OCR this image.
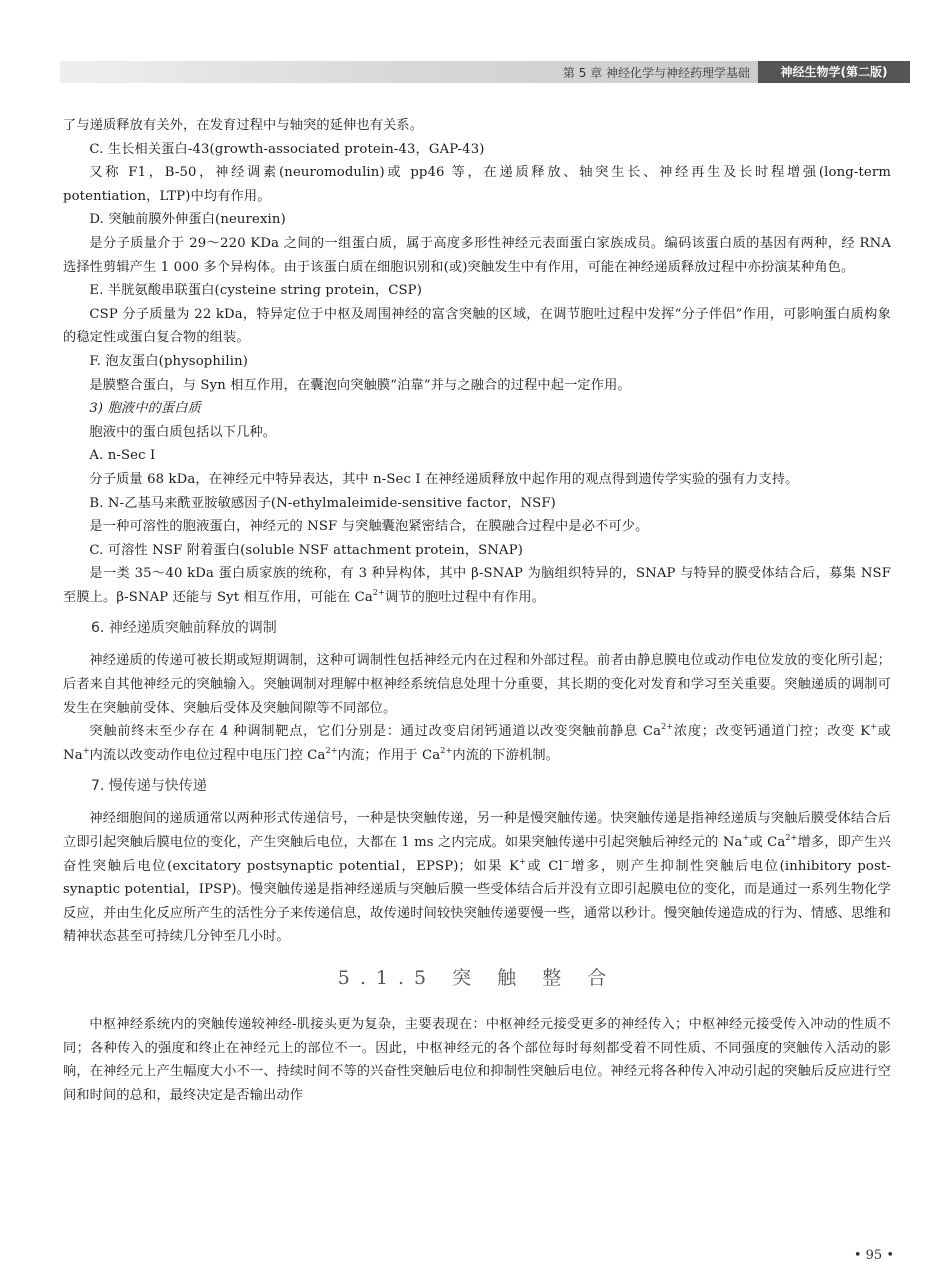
第 5 章 神经化学与神经药理学基础	神经生物学(第二版)

了与递质释放有关外，在发育过程中与轴突的延伸也有关系。

C. 生长相关蛋白-43(growth-associated protein-43，GAP-43)

又称 F1，B-50，神经调素(neuromodulin)或 pp46 等，在递质释放、轴突生长、神经再生及长时程增强(long-term potentiation，LTP)中均有作用。

D. 突触前膜外伸蛋白(neurexin)

是分子质量介于 29～220 KDa 之间的一组蛋白质，属于高度多形性神经元表面蛋白家族成员。编码该蛋白质的基因有两种，经 RNA 选择性剪辑产生 1 000 多个异构体。由于该蛋白质在细胞识别和(或)突触发生中有作用，可能在神经递质释放过程中亦扮演某种角色。

E. 半胱氨酸串联蛋白(cysteine string protein，CSP)

CSP 分子质量为 22 kDa，特异定位于中枢及周围神经的富含突触的区域，在调节胞吐过程中发挥“分子伴侣”作用，可影响蛋白质构象的稳定性或蛋白复合物的组装。

F. 泡友蛋白(physophilin)

是膜整合蛋白，与 Syn 相互作用，在囊泡向突触膜“泊靠”并与之融合的过程中起一定作用。

3) 胞液中的蛋白质

胞液中的蛋白质包括以下几种。

A. n-Sec I

分子质量 68 kDa，在神经元中特异表达，其中 n-Sec I 在神经递质释放中起作用的观点得到遗传学实验的强有力支持。

B. N-乙基马来酰亚胺敏感因子(N-ethylmaleimide-sensitive factor，NSF)

是一种可溶性的胞液蛋白，神经元的 NSF 与突触囊泡紧密结合，在膜融合过程中是必不可少。

C. 可溶性 NSF 附着蛋白(soluble NSF attachment protein，SNAP)

是一类 35～40 kDa 蛋白质家族的统称，有 3 种异构体，其中 β-SNAP 为脑组织特异的，SNAP 与特异的膜受体结合后，募集 NSF 至膜上。β-SNAP 还能与 Syt 相互作用，可能在 $Ca^{2+}$调节的胞吐过程中有作用。

6. 神经递质突触前释放的调制

神经递质的传递可被长期或短期调制，这种可调制性包括神经元内在过程和外部过程。前者由静息膜电位或动作电位发放的变化所引起；后者来自其他神经元的突触输入。突触调制对理解中枢神经系统信息处理十分重要，其长期的变化对发育和学习至关重要。突触递质的调制可发生在突触前受体、突触后受体及突触间隙等不同部位。

突触前终末至少存在 4 种调制靶点，它们分别是：通过改变启闭钙通道以改变突触前静息 $Ca^{2+}$浓度；改变钙通道门控；改变 K+或 Na+内流以改变动作电位过程中电压门控 $Ca^{2+}$内流；作用于 $Ca^{2+}$内流的下游机制。

7. 慢传递与快传递

神经细胞间的递质通常以两种形式传递信号，一种是快突触传递，另一种是慢突触传递。快突触传递是指神经递质与突触后膜受体结合后立即引起突触后膜电位的变化，产生突触后电位，大都在 1 ms 之内完成。如果突触传递中引起突触后神经元的 Na+或 $Ca^{2+}$增多，即产生兴奋性突触后电位(excitatory postsynaptic potential，EPSP)；如果 K+或 Cl−增多，则产生抑制性突触后电位(inhibitory post-synaptic potential，IPSP)。慢突触传递是指神经递质与突触后膜一些受体结合后并没有立即引起膜电位的变化，而是通过一系列生物化学反应，并由生化反应所产生的活性分子来传递信息，故传递时间较快突触传递要慢一些，通常以秒计。慢突触传递造成的行为、情感、思维和精神状态甚至可持续几分钟至几小时。

5.1.5 突 触 整 合

中枢神经系统内的突触传递较神经-肌接头更为复杂，主要表现在：中枢神经元接受更多的神经传入；中枢神经元接受传入冲动的性质不同；各种传入的强度和终止在神经元上的部位不一。因此，中枢神经元的各个部位每时每刻都受着不同性质、不同强度的突触传入活动的影响，在神经元上产生幅度大小不一、持续时间不等的兴奋性突触后电位和抑制性突触后电位。神经元将各种传入冲动引起的突触后反应进行空间和时间的总和，最终决定是否输出动作

• 95 •
